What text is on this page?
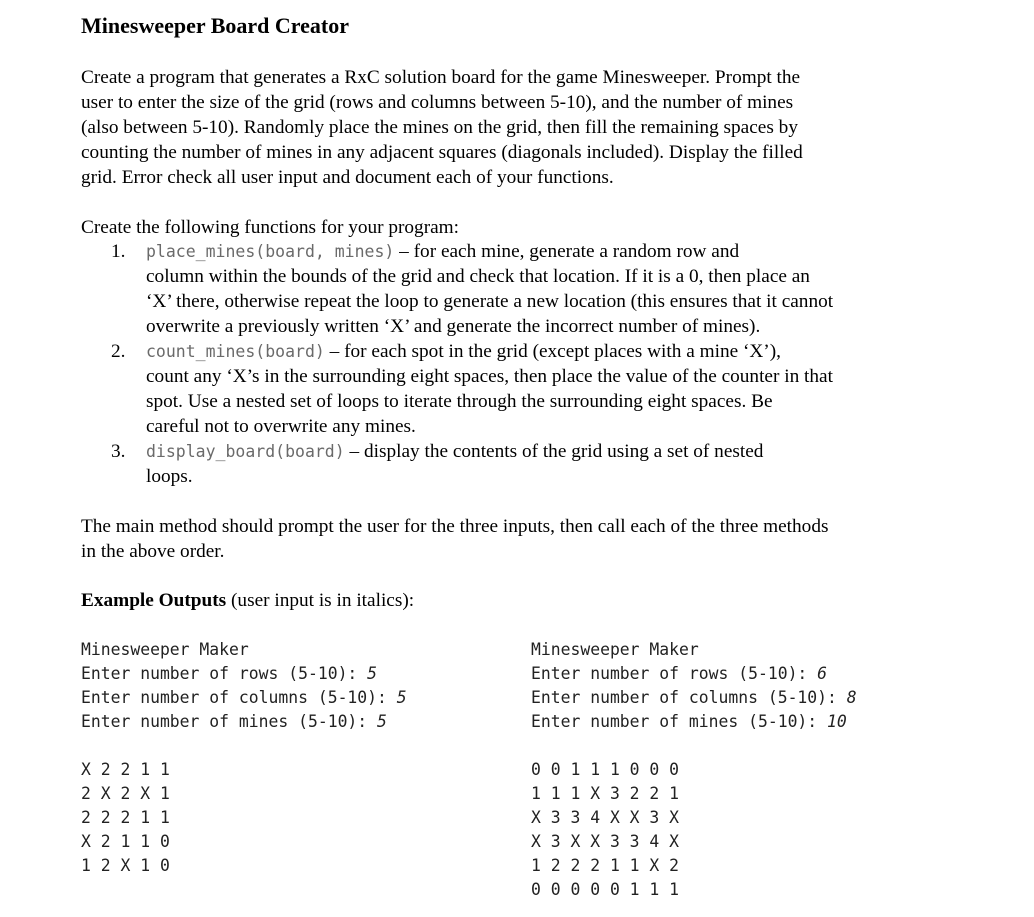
Minesweeper Board Creator

Create a program that generates a RxC solution board for the game Minesweeper. Prompt the
user to enter the size of the grid (rows and columns between 5-10), and the number of mines
(also between 5-10). Randomly place the mines on the grid, then fill the remaining spaces by
counting the number of mines in any adjacent squares (diagonals included). Display the filled
grid. Error check all user input and document each of your functions.

Create the following functions for your program:

1. place_mines(board, mines) – for each mine, generate a random row and
column within the bounds of the grid and check that location. If it is a 0, then place an
‘X’ there, otherwise repeat the loop to generate a new location (this ensures that it cannot
overwrite a previously written ‘X’ and generate the incorrect number of mines).
2. count_mines(board) – for each spot in the grid (except places with a mine ‘X’),
count any ‘X’s in the surrounding eight spaces, then place the value of the counter in that
spot. Use a nested set of loops to iterate through the surrounding eight spaces. Be
careful not to overwrite any mines.
3. display_board(board) – display the contents of the grid using a set of nested
loops.

The main method should prompt the user for the three inputs, then call each of the three methods
in the above order.

Example Outputs (user input is in italics):
Minesweeper Maker
Enter number of rows (5-10): 5
Enter number of columns (5-10): 5
Enter number of mines (5-10): 5
X 2 2 1 1
2 X 2 X 1
2 2 2 1 1
X 2 1 1 0
1 2 X 1 0
Minesweeper Maker
Enter number of rows (5-10): 6
Enter number of columns (5-10): 8
Enter number of mines (5-10): 10
0 0 1 1 1 0 0 0
1 1 1 X 3 2 2 1
X 3 3 4 X X 3 X
X 3 X X 3 3 4 X
1 2 2 2 1 1 X 2
0 0 0 0 0 1 1 1
